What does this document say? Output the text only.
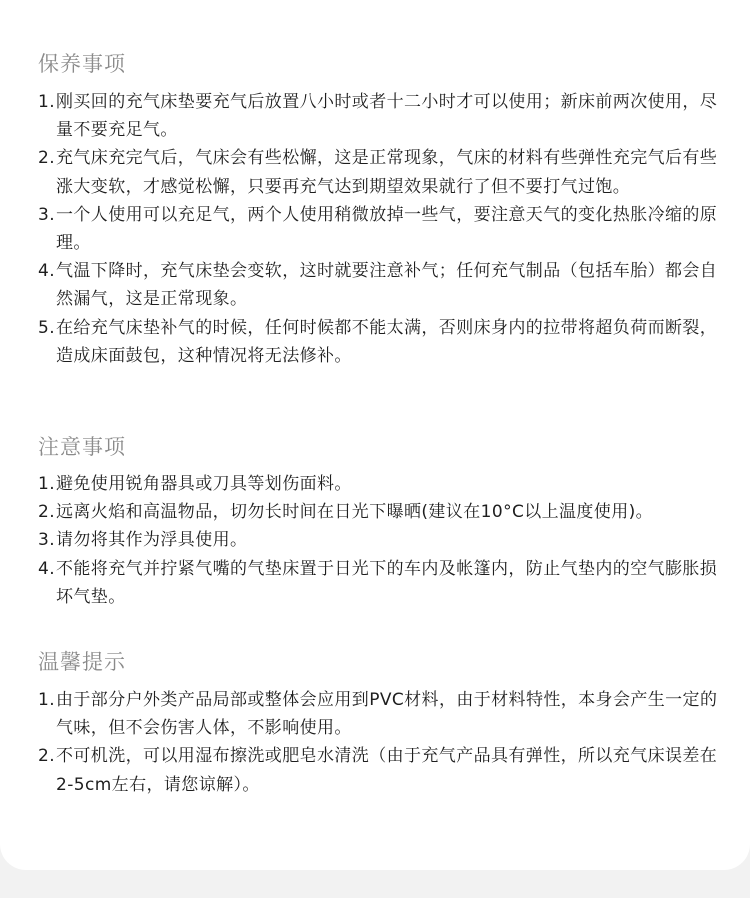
保养事项
1. 刚买回的充气床垫要充气后放置八小时或者十二小时才可以使用；新床前两次使用，尽量不要充足气。
2. 充气床充完气后，气床会有些松懈，这是正常现象，气床的材料有些弹性充完气后有些涨大变软，才感觉松懈，只要再充气达到期望效果就行了但不要打气过饱。
3. 一个人使用可以充足气，两个人使用稍微放掉一些气，要注意天气的变化热胀冷缩的原理。
4. 气温下降时，充气床垫会变软，这时就要注意补气；任何充气制品（包括车胎）都会自然漏气，这是正常现象。
5. 在给充气床垫补气的时候，任何时候都不能太满，否则床身内的拉带将超负荷而断裂，造成床面鼓包，这种情况将无法修补。
注意事项
1. 避免使用锐角器具或刀具等划伤面料。
2. 远离火焰和高温物品，切勿长时间在日光下曝晒(建议在10°C以上温度使用)。
3. 请勿将其作为浮具使用。
4. 不能将充气并拧紧气嘴的气垫床置于日光下的车内及帐篷内，防止气垫内的空气膨胀损坏气垫。
温馨提示
1. 由于部分户外类产品局部或整体会应用到PVC材料，由于材料特性，本身会产生一定的气味，但不会伤害人体，不影响使用。
2. 不可机洗，可以用湿布擦洗或肥皂水清洗（由于充气产品具有弹性，所以充气床误差在2-5cm左右，请您谅解）。
